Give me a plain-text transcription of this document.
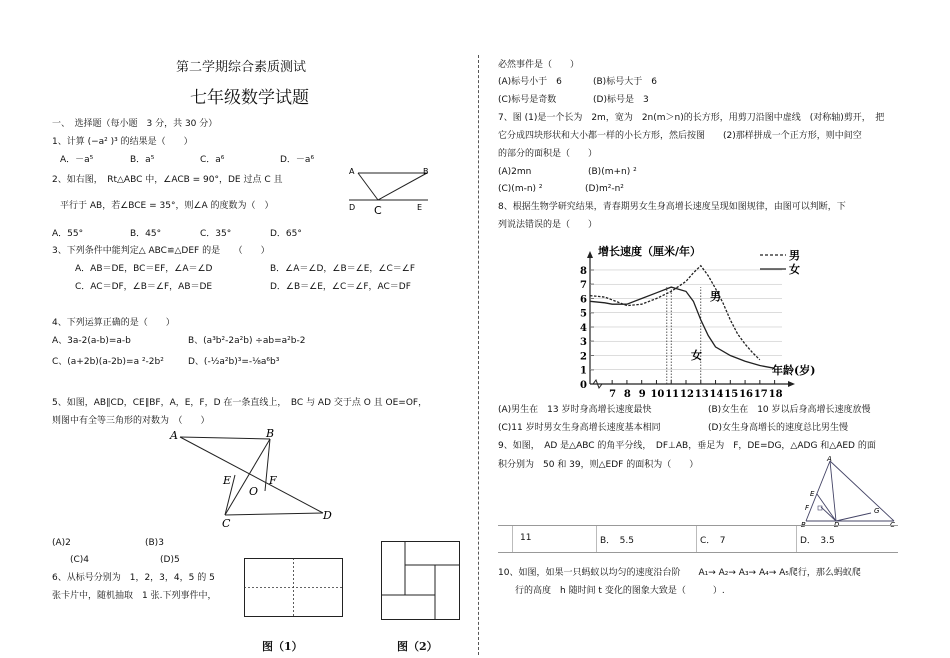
第二学期综合素质测试
七年级数学试题
一、　选择题（每小题　3 分，共 30 分）
1、计算 (−a² )³ 的结果是（　　）
A．－a⁵	B．a⁵	C．a⁶	D．－a⁶
2、如右图，　Rt△ABC 中，∠ACB = 90°，DE 过点 C 且
平行于 AB，若∠BCE = 35°，则∠A 的度数为（　）
A．55°	B．45°	C．35°	D．65°
A	B
D C	E
3、下列条件中能判定△ ABC≌△DEF 的是　　（　　）
A．AB＝DE，BC＝EF，∠A＝∠D	B．∠A＝∠D，∠B＝∠E，∠C＝∠F
C．AC＝DF，∠B＝∠F，AB＝DE	D．∠B＝∠E，∠C＝∠F，AC＝DF
4、下列运算正确的是（　　）
A、3a-2(a-b)=a-b	B、(a³b²-2a²b) ÷ab=a²b-2
C、(a+2b)(a-2b)=a ²-2b²	D、(-½a²b)³=-⅛a⁶b³
5、如图，AB∥CD，CE∥BF，A，E，F，D 在一条直线上，　BC 与 AD 交于点 O 且 OE=OF，
则图中有全等三角形的对数为　（　　）
A	B
E
O
F
C
D
(A)2	(B)3
(C)4	(D)5
6、从标号分别为　1，2，3，4，5 的 5
张卡片中，随机抽取　1 张.下列事件中，
图（1）	图（2）
必然事件是（　　）
(A)标号小于　6	(B)标号大于　6
(C)标号是奇数	(D)标号是　3
7、图 (1)是一个长为　2m，宽为　2n(m＞n)的长方形，用剪刀沿图中虚线　(对称轴)剪开，　把
它分成四块形状和大小都一样的小长方形，然后按图　　(2)那样拼成一个正方形，则中间空
的部分的面积是（　　）
(A)2mn	(B)(m+n) ²
(C)(m-n) ²	(D)m²-n²
8、根据生物学研究结果，青春期男女生身高增长速度呈现如图规律，由图可以判断，下
列说法错误的是（　　）
0
1
2
3
4
5
6
7
8
7 8 9 10 11 12 13 14 15 16 17 18
增长速度（厘米/年）
年龄(岁)
男
女
男
女
(A)男生在　13 岁时身高增长速度最快	(B)女生在　10 岁以后身高增长速度放慢
(C)11 岁时男女生身高增长速度基本相同	(D)女生身高增长的速度总比男生慢
9、如图，　AD 是△ABC 的角平分线，　DF⊥AB，垂足为　F，DE=DG，△ADG 和△AED 的面
积分别为　50 和 39，则△EDF 的面积为（　　）
A
E
F
B	D
G
C
11	B．　5.5	C．　7	D．　3.5
10、如图，如果一只蚂蚁以均匀的速度沿台阶　　A₁→ A₂→ A₃→ A₄→ A₅爬行，那么蚂蚁爬
行的高度　h 随时间 t 变化的图象大致是（　　　）.
